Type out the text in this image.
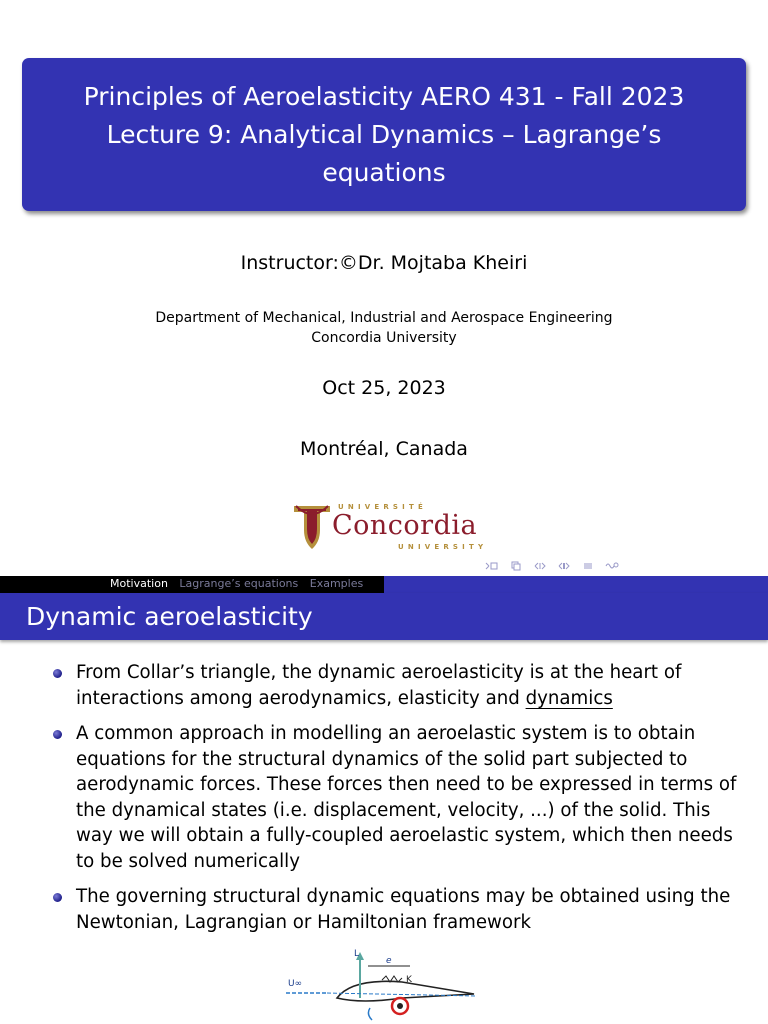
Principles of Aeroelasticity AERO 431 - Fall 2023
Lecture 9: Analytical Dynamics – Lagrange’s
equations
Instructor:©Dr. Mojtaba Kheiri
Department of Mechanical, Industrial and Aerospace Engineering
Concordia University
Oct 25, 2023
Montréal, Canada
UNIVERSITÉ
Concordia
UNIVERSITY
Motivation Lagrange’s equations Examples
Dynamic aeroelasticity
From Collar’s triangle, the dynamic aeroelasticity is at the heart of interactions among aerodynamics, elasticity and dynamics
A common approach in modelling an aeroelastic system is to obtain equations for the structural dynamics of the solid part subjected to aerodynamic forces. These forces then need to be expressed in terms of the dynamical states (i.e. displacement, velocity, ...) of the solid. This way we will obtain a fully-coupled aeroelastic system, which then needs to be solved numerically
The governing structural dynamic equations may be obtained using the Newtonian, Lagrangian or Hamiltonian framework
L
U∞
e
K
